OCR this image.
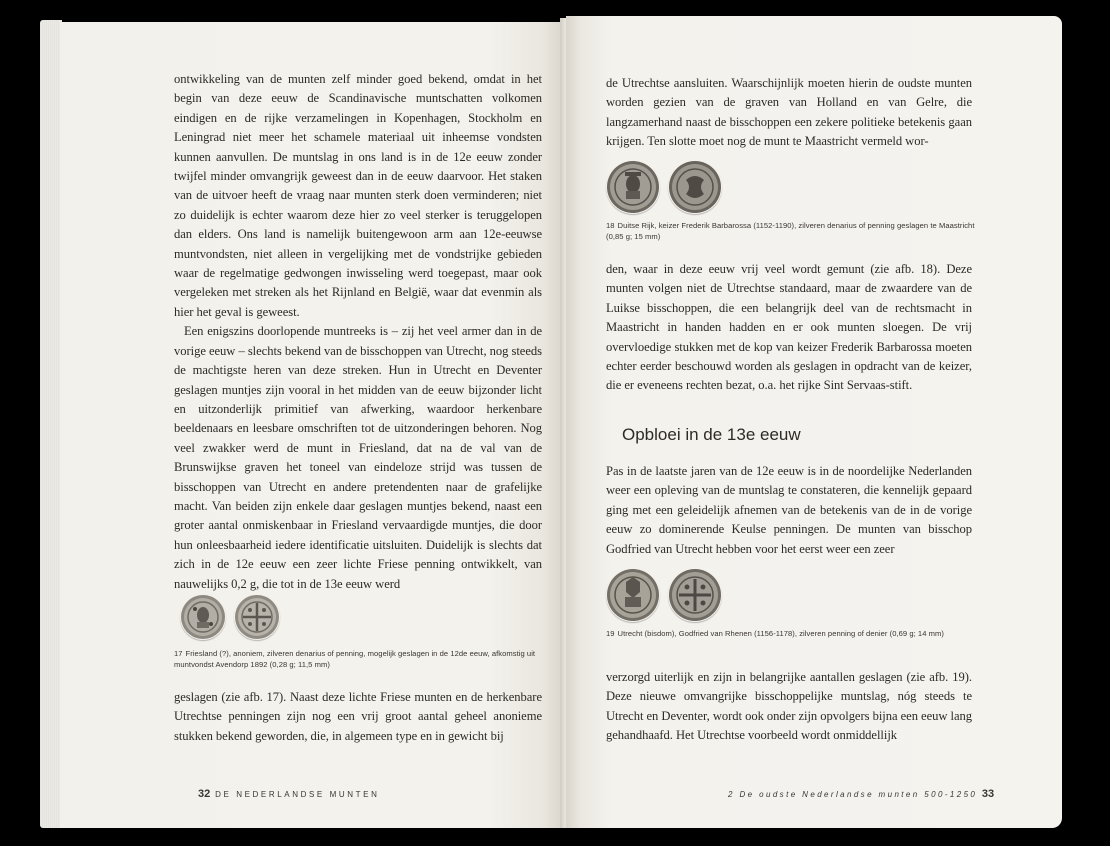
ontwikkeling van de munten zelf minder goed bekend, omdat in het begin van deze eeuw de Scandinavische muntschatten volkomen eindigen en de rijke verzamelingen in Kopenhagen, Stockholm en Leningrad niet meer het schamele materiaal uit inheemse vondsten kunnen aanvullen. De muntslag in ons land is in de 12e eeuw zonder twijfel minder omvangrijk geweest dan in de eeuw daarvoor. Het staken van de uitvoer heeft de vraag naar munten sterk doen verminderen; niet zo duidelijk is echter waarom deze hier zo veel sterker is teruggelopen dan elders. Ons land is namelijk buitengewoon arm aan 12e-eeuwse muntvondsten, niet alleen in vergelijking met de vondstrijke gebieden waar de regelmatige gedwongen inwisseling werd toegepast, maar ook vergeleken met streken als het Rijnland en België, waar dat evenmin als hier het geval is geweest.

Een enigszins doorlopende muntreeks is – zij het veel armer dan in de vorige eeuw – slechts bekend van de bisschoppen van Utrecht, nog steeds de machtigste heren van deze streken. Hun in Utrecht en Deventer geslagen muntjes zijn vooral in het midden van de eeuw bijzonder licht en uitzonderlijk primitief van afwerking, waardoor herkenbare beeldenaars en leesbare omschriften tot de uitzonderingen behoren. Nog veel zwakker werd de munt in Friesland, dat na de val van de Brunswijkse graven het toneel van eindeloze strijd was tussen de bisschoppen van Utrecht en andere pretendenten naar de grafelijke macht. Van beiden zijn enkele daar geslagen muntjes bekend, naast een groter aantal onmiskenbaar in Friesland vervaardigde muntjes, die door hun onleesbaarheid iedere identificatie uitsluiten. Duidelijk is slechts dat zich in de 12e eeuw een zeer lichte Friese penning ontwikkelt, van nauwelijks 0,2 g, die tot in de 13e eeuw werd

17 Friesland (?), anoniem, zilveren denarius of penning, mogelijk geslagen in de 12de eeuw, afkomstig uit muntvondst Avendorp 1892 (0,28 g; 11,5 mm)

geslagen (zie afb. 17). Naast deze lichte Friese munten en de herkenbare Utrechtse penningen zijn nog een vrij groot aantal geheel anonieme stukken bekend geworden, die, in algemeen type en in gewicht bij

32 DE NEDERLANDSE MUNTEN

de Utrechtse aansluiten. Waarschijnlijk moeten hierin de oudste munten worden gezien van de graven van Holland en van Gelre, die langzamerhand naast de bisschoppen een zekere politieke betekenis gaan krijgen. Ten slotte moet nog de munt te Maastricht vermeld wor-

18 Duitse Rijk, keizer Frederik Barbarossa (1152-1190), zilveren denarius of penning geslagen te Maastricht (0,85 g; 15 mm)

den, waar in deze eeuw vrij veel wordt gemunt (zie afb. 18). Deze munten volgen niet de Utrechtse standaard, maar de zwaardere van de Luikse bisschoppen, die een belangrijk deel van de rechtsmacht in Maastricht in handen hadden en er ook munten sloegen. De vrij overvloedige stukken met de kop van keizer Frederik Barbarossa moeten echter eerder beschouwd worden als geslagen in opdracht van de keizer, die er eveneens rechten bezat, o.a. het rijke Sint Servaas-stift.

Opbloei in de 13e eeuw

Pas in de laatste jaren van de 12e eeuw is in de noordelijke Nederlanden weer een opleving van de muntslag te constateren, die kennelijk gepaard ging met een geleidelijk afnemen van de betekenis van de in de vorige eeuw zo dominerende Keulse penningen. De munten van bisschop Godfried van Utrecht hebben voor het eerst weer een zeer

19 Utrecht (bisdom), Godfried van Rhenen (1156-1178), zilveren penning of denier (0,69 g; 14 mm)

verzorgd uiterlijk en zijn in belangrijke aantallen geslagen (zie afb. 19). Deze nieuwe omvangrijke bisschoppelijke muntslag, nóg steeds te Utrecht en Deventer, wordt ook onder zijn opvolgers bijna een eeuw lang gehandhaafd. Het Utrechtse voorbeeld wordt onmiddellijk

2 De oudste Nederlandse munten 500-1250 33
